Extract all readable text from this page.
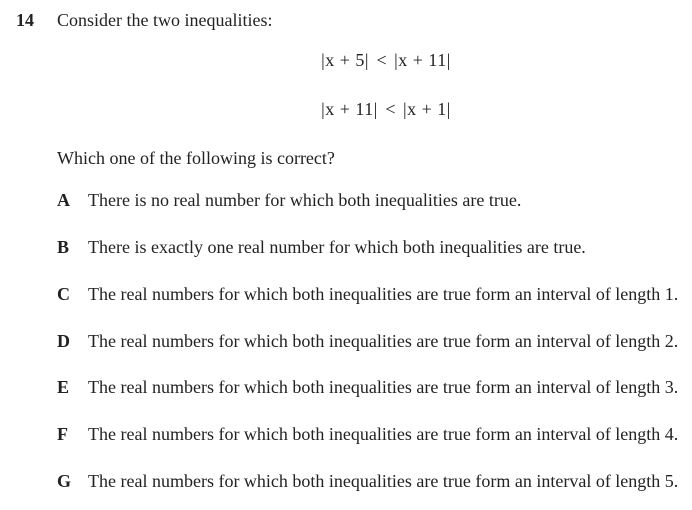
14 Consider the two inequalities:
|x + 5| < |x + 11|
|x + 11| < |x + 1|
Which one of the following is correct?
A There is no real number for which both inequalities are true.
B There is exactly one real number for which both inequalities are true.
C The real numbers for which both inequalities are true form an interval of length 1.
D The real numbers for which both inequalities are true form an interval of length 2.
E The real numbers for which both inequalities are true form an interval of length 3.
F The real numbers for which both inequalities are true form an interval of length 4.
G The real numbers for which both inequalities are true form an interval of length 5.
